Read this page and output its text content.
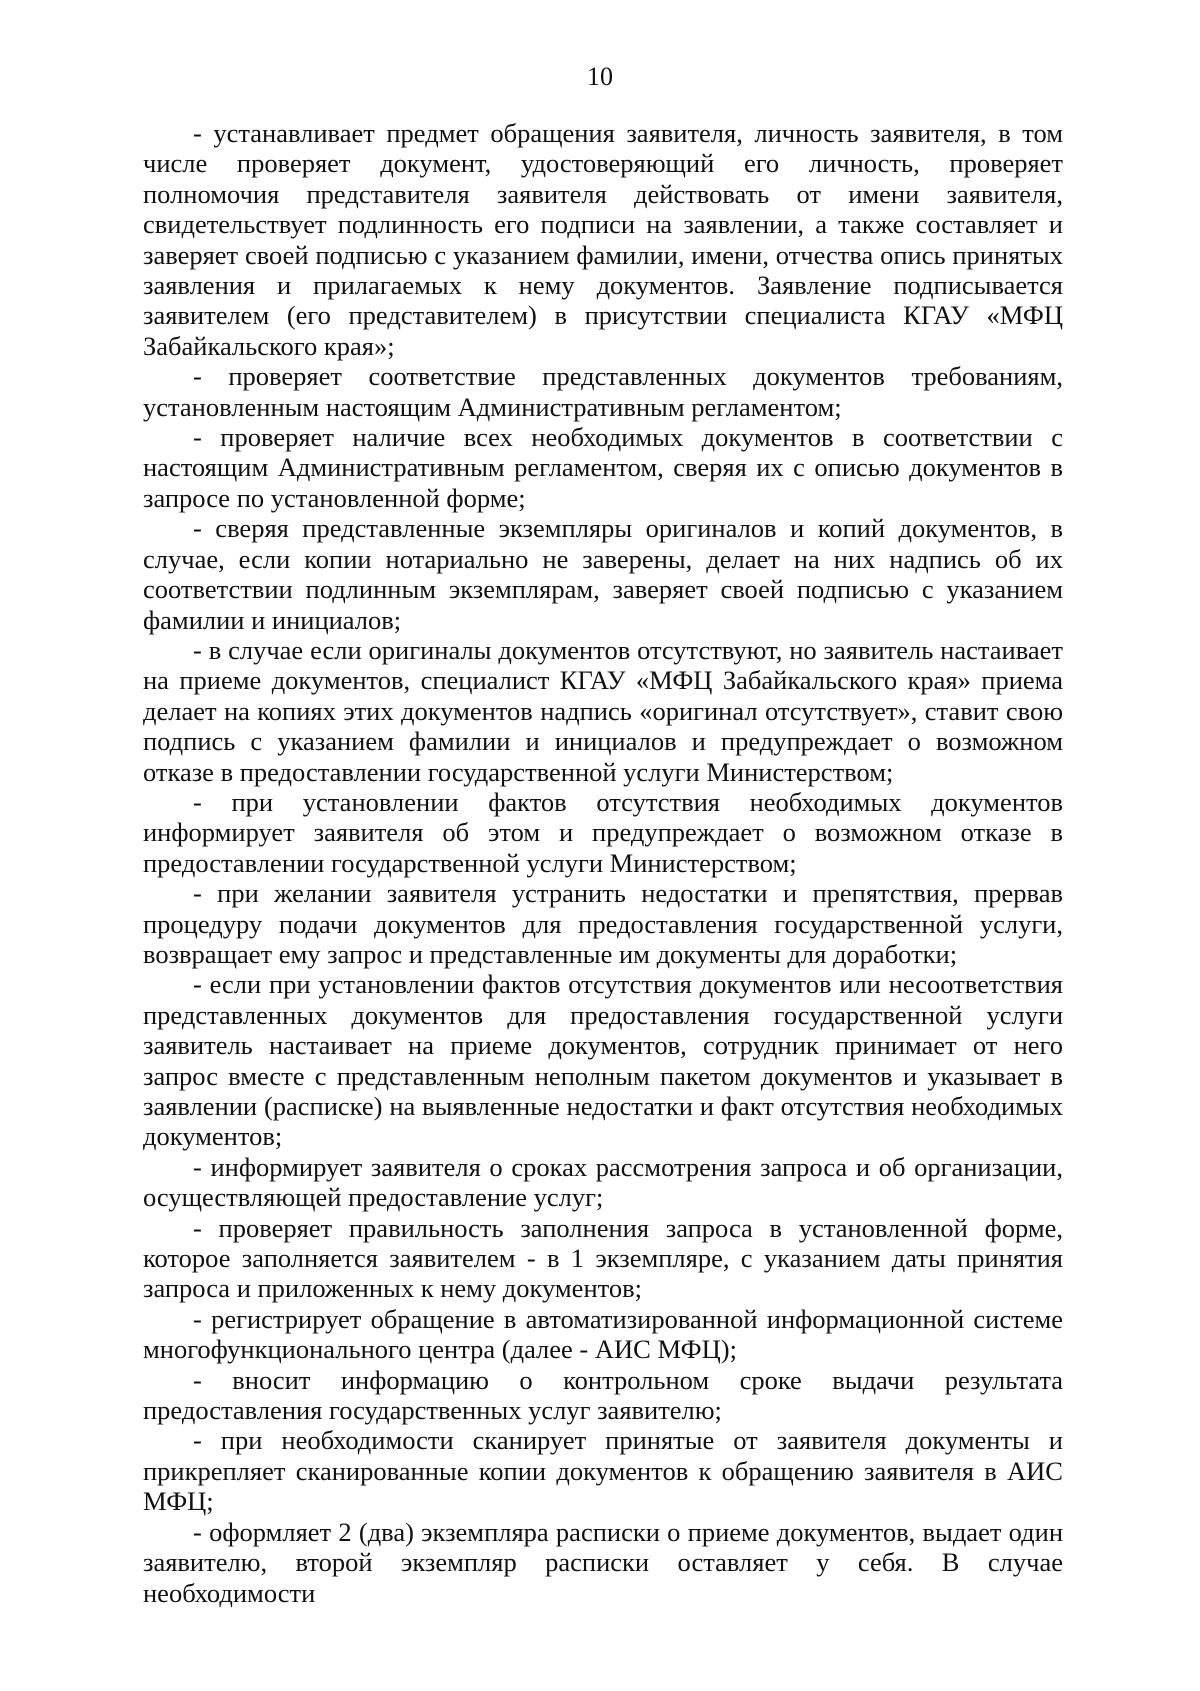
10

- устанавливает предмет обращения заявителя, личность заявителя, в том числе проверяет документ, удостоверяющий его личность, проверяет полномочия представителя заявителя действовать от имени заявителя, свидетельствует подлинность его подписи на заявлении, а также составляет и заверяет своей подписью с указанием фамилии, имени, отчества опись принятых заявления и прилагаемых к нему документов. Заявление подписывается заявителем (его представителем) в присутствии специалиста КГАУ «МФЦ Забайкальского края»;

- проверяет соответствие представленных документов требованиям, установленным настоящим Административным регламентом;

- проверяет наличие всех необходимых документов в соответствии с настоящим Административным регламентом, сверяя их с описью документов в запросе по установленной форме;

- сверяя представленные экземпляры оригиналов и копий документов, в случае, если копии нотариально не заверены, делает на них надпись об их соответствии подлинным экземплярам, заверяет своей подписью с указанием фамилии и инициалов;

- в случае если оригиналы документов отсутствуют, но заявитель настаивает на приеме документов, специалист КГАУ «МФЦ Забайкальского края» приема делает на копиях этих документов надпись «оригинал отсутствует», ставит свою подпись с указанием фамилии и инициалов и предупреждает о возможном отказе в предоставлении государственной услуги Министерством;

- при установлении фактов отсутствия необходимых документов информирует заявителя об этом и предупреждает о возможном отказе в предоставлении государственной услуги Министерством;

- при желании заявителя устранить недостатки и препятствия, прервав процедуру подачи документов для предоставления государственной услуги, возвращает ему запрос и представленные им документы для доработки;

- если при установлении фактов отсутствия документов или несоответствия представленных документов для предоставления государственной услуги заявитель настаивает на приеме документов, сотрудник принимает от него запрос вместе с представленным неполным пакетом документов и указывает в заявлении (расписке) на выявленные недостатки и факт отсутствия необходимых документов;

- информирует заявителя о сроках рассмотрения запроса и об организации, осуществляющей предоставление услуг;

- проверяет правильность заполнения запроса в установленной форме, которое заполняется заявителем - в 1 экземпляре, с указанием даты принятия запроса и приложенных к нему документов;

- регистрирует обращение в автоматизированной информационной системе многофункционального центра (далее - АИС МФЦ);

- вносит информацию о контрольном сроке выдачи результата предоставления государственных услуг заявителю;

- при необходимости сканирует принятые от заявителя документы и прикрепляет сканированные копии документов к обращению заявителя в АИС МФЦ;

- оформляет 2 (два) экземпляра расписки о приеме документов, выдает один заявителю, второй экземпляр расписки оставляет у себя. В случае необходимости
